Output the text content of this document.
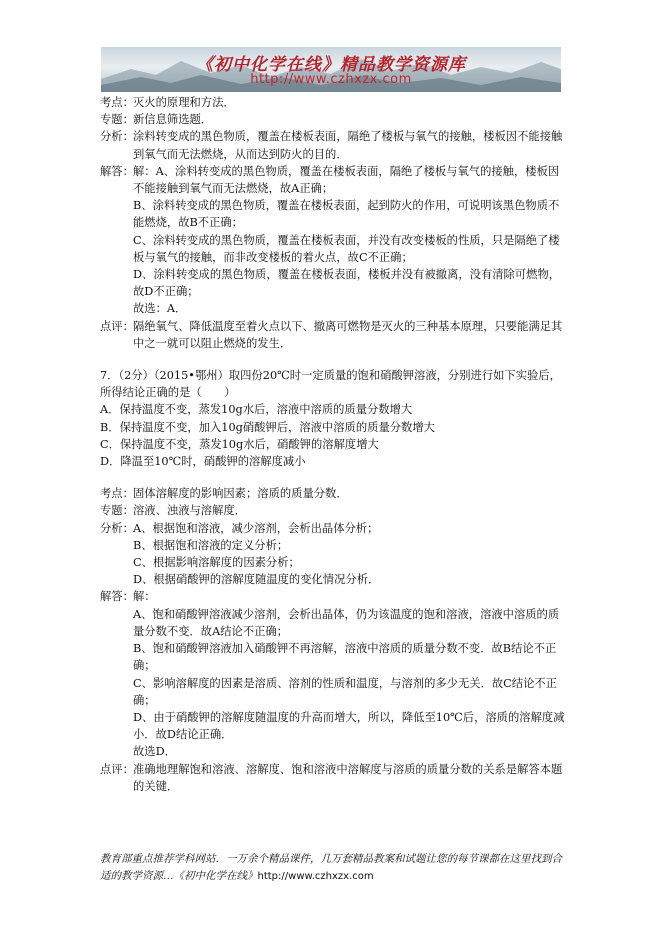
《初中化学在线》精品教学资源库
http://www.czhxzx.com
考点： 灭火的原理和方法．
专题： 新信息筛选题．
分析： 涂料转变成的黑色物质，覆盖在楼板表面，隔绝了楼板与氧气的接触，楼板因不能接触到氧气而无法燃烧，从而达到防火的目的．
解答： 解：A、涂料转变成的黑色物质，覆盖在楼板表面，隔绝了楼板与氧气的接触，楼板因不能接触到氧气而无法燃烧，故A正确；
B、涂料转变成的黑色物质，覆盖在楼板表面，起到防火的作用，可说明该黑色物质不能燃烧，故B不正确；
C、涂料转变成的黑色物质，覆盖在楼板表面，并没有改变楼板的性质，只是隔绝了楼板与氧气的接触，而非改变楼板的着火点，故C不正确；
D、涂料转变成的黑色物质，覆盖在楼板表面，楼板并没有被撤离，没有清除可燃物，故D不正确；
故选：A．
点评： 隔绝氧气、降低温度至着火点以下、撤离可燃物是灭火的三种基本原理，只要能满足其中之一就可以阻止燃烧的发生．
7．（2分）（2015•鄂州）取四份20℃时一定质量的饱和硝酸钾溶液，分别进行如下实验后，所得结论正确的是（　　）
A．保持温度不变，蒸发10g水后，溶液中溶质的质量分数增大
B．保持温度不变，加入10g硝酸钾后，溶液中溶质的质量分数增大
C．保持温度不变，蒸发10g水后，硝酸钾的溶解度增大
D．降温至10℃时，硝酸钾的溶解度减小
考点： 固体溶解度的影响因素；溶质的质量分数．
专题： 溶液、浊液与溶解度．
分析： A、根据饱和溶液，减少溶剂，会析出晶体分析；
B、根据饱和溶液的定义分析；
C、根据影响溶解度的因素分析；
D、根据硝酸钾的溶解度随温度的变化情况分析．
解答： 解：
A、饱和硝酸钾溶液减少溶剂，会析出晶体，仍为该温度的饱和溶液，溶液中溶质的质量分数不变．故A结论不正确；
B、饱和硝酸钾溶液加入硝酸钾不再溶解，溶液中溶质的质量分数不变．故B结论不正确；
C、影响溶解度的因素是溶质、溶剂的性质和温度，与溶剂的多少无关．故C结论不正确；
D、由于硝酸钾的溶解度随温度的升高而增大，所以，降低至10℃后，溶质的溶解度减小．故D结论正确．
故选D．
点评： 准确地理解饱和溶液、溶解度、饱和溶液中溶解度与溶质的质量分数的关系是解答本题的关键．
教育部重点推荐学科网站．一万余个精品课件，几万套精品教案和试题让您的每节课都在这里找到合适的教学资源…《初中化学在线》http://www.czhxzx.com
